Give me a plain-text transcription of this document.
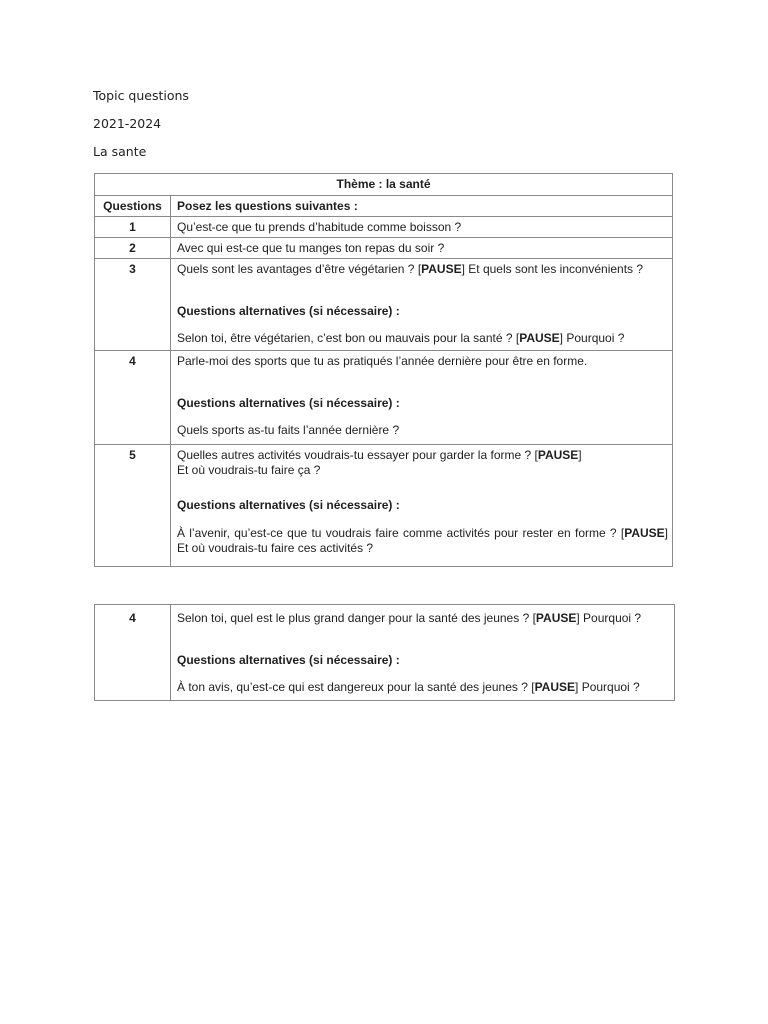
Topic questions
2021-2024
La sante
Thème : la santé	
Questions	Posez les questions suivantes :
1	Qu’est-ce que tu prends d’habitude comme boisson ?
2	Avec qui est-ce que tu manges ton repas du soir ?
3	Quels sont les avantages d’être végétarien ? [PAUSE] Et quels sont les inconvénients ?
Questions alternatives (si nécessaire) :
Selon toi, être végétarien, c’est bon ou mauvais pour la santé ? [PAUSE] Pourquoi ?

4	Parle-moi des sports que tu as pratiqués l’année dernière pour être en forme.
Questions alternatives (si nécessaire) :
Quels sports as-tu faits l’année dernière ?

5	Quelles autres activités voudrais-tu essayer pour garder la forme ? [PAUSE]
Et où voudrais-tu faire ça ?
Questions alternatives (si nécessaire) :
À l’avenir, qu’est-ce que tu voudrais faire comme activités pour rester en forme ? [PAUSE] Et où voudrais-tu faire ces activités ?
4	Selon toi, quel est le plus grand danger pour la santé des jeunes ? [PAUSE] Pourquoi ?
Questions alternatives (si nécessaire) :
À ton avis, qu’est-ce qui est dangereux pour la santé des jeunes ? [PAUSE] Pourquoi ?
